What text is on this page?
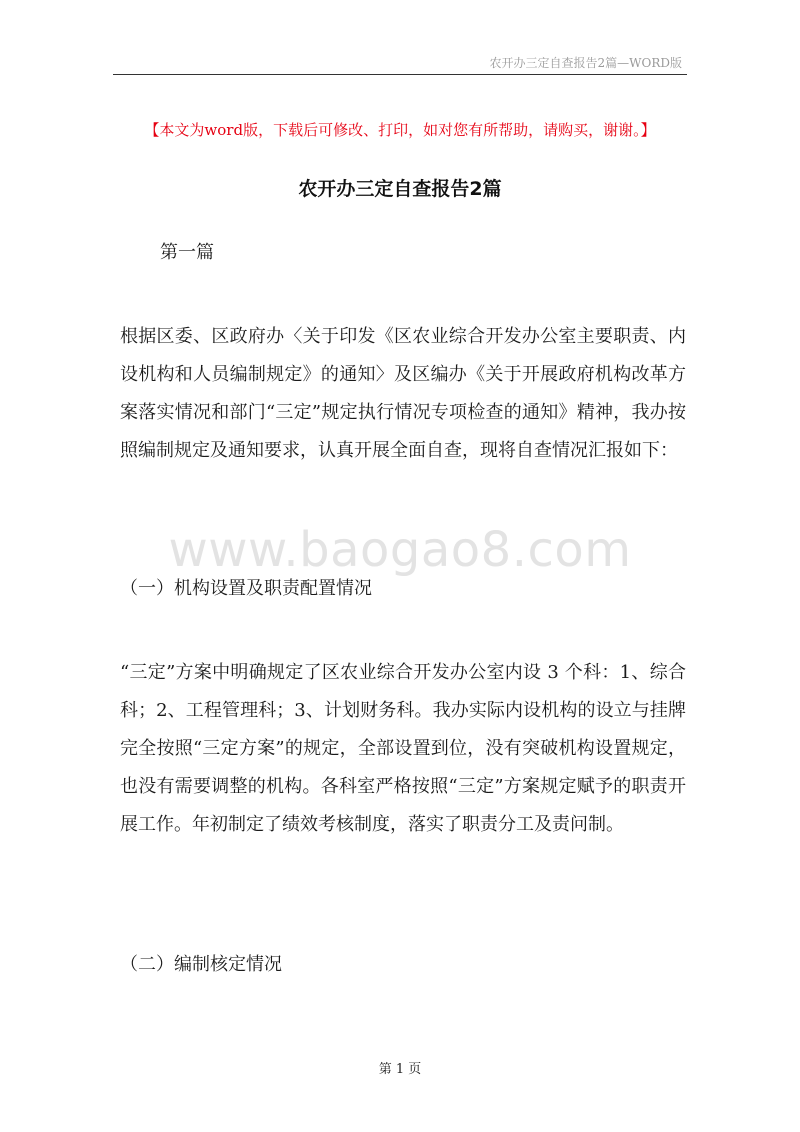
农开办三定自查报告2篇—WORD版
【本文为word版，下载后可修改、打印，如对您有所帮助，请购买，谢谢。】
农开办三定自查报告2篇
第一篇
根据区委、区政府办〈关于印发《区农业综合开发办公室主要职责、内设机构和人员编制规定》的通知〉及区编办《关于开展政府机构改革方案落实情况和部门“三定”规定执行情况专项检查的通知》精神，我办按照编制规定及通知要求，认真开展全面自查，现将自查情况汇报如下：
www.baogao8.com
（一）机构设置及职责配置情况
“三定”方案中明确规定了区农业综合开发办公室内设 3 个科：1、综合科；2、工程管理科；3、计划财务科。我办实际内设机构的设立与挂牌完全按照“三定方案”的规定，全部设置到位，没有突破机构设置规定，也没有需要调整的机构。各科室严格按照“三定”方案规定赋予的职责开展工作。年初制定了绩效考核制度，落实了职责分工及责问制。
（二）编制核定情况
第 1 页
